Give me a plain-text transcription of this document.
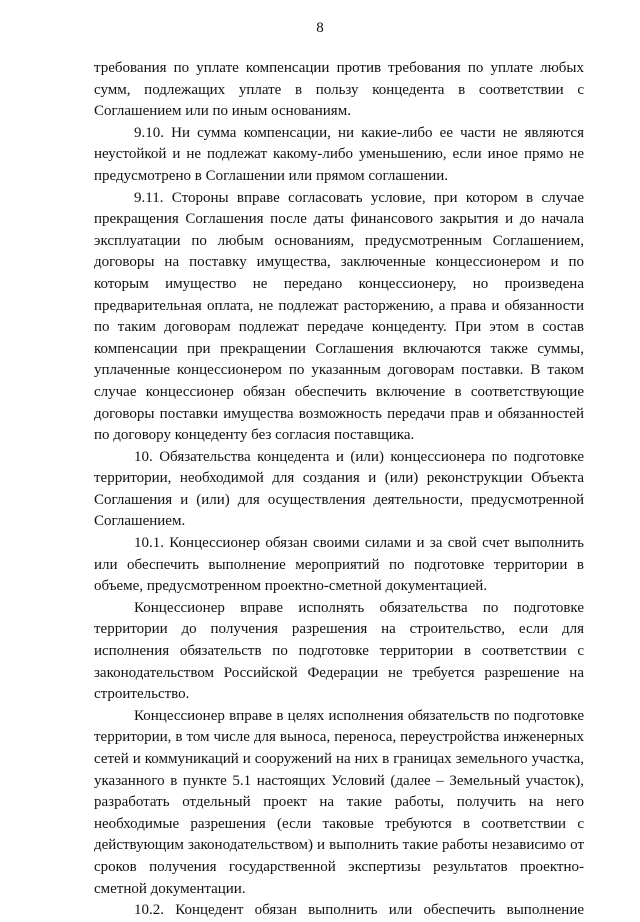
8

требования по уплате компенсации против требования по уплате любых сумм, подлежащих уплате в пользу концедента в соответствии с Соглашением или по иным основаниям.

9.10. Ни сумма компенсации, ни какие-либо ее части не являются неустойкой и не подлежат какому-либо уменьшению, если иное прямо не предусмотрено в Соглашении или прямом соглашении.

9.11. Стороны вправе согласовать условие, при котором в случае прекращения Соглашения после даты финансового закрытия и до начала эксплуатации по любым основаниям, предусмотренным Соглашением, договоры на поставку имущества, заключенные концессионером и по которым имущество не передано концессионеру, но произведена предварительная оплата, не подлежат расторжению, а права и обязанности по таким договорам подлежат передаче концеденту. При этом в состав компенсации при прекращении Соглашения включаются также суммы, уплаченные концессионером по указанным договорам поставки. В таком случае концессионер обязан обеспечить включение в соответствующие договоры поставки имущества возможность передачи прав и обязанностей по договору концеденту без согласия поставщика.

10. Обязательства концедента и (или) концессионера по подготовке территории, необходимой для создания и (или) реконструкции Объекта Соглашения и (или) для осуществления деятельности, предусмотренной Соглашением.

10.1. Концессионер обязан своими силами и за свой счет выполнить или обеспечить выполнение мероприятий по подготовке территории в объеме, предусмотренном проектно-сметной документацией.

Концессионер вправе исполнять обязательства по подготовке территории до получения разрешения на строительство, если для исполнения обязательств по подготовке территории в соответствии с законодательством Российской Федерации не требуется разрешение на строительство.

Концессионер вправе в целях исполнения обязательств по подготовке территории, в том числе для выноса, переноса, переустройства инженерных сетей и коммуникаций и сооружений на них в границах земельного участка, указанного в пункте 5.1 настоящих Условий (далее – Земельный участок), разработать отдельный проект на такие работы, получить на него необходимые разрешения (если таковые требуются в соответствии с действующим законодательством) и выполнить такие работы независимо от сроков получения государственной экспертизы результатов проектно-сметной документации.

10.2. Концедент обязан выполнить или обеспечить выполнение
